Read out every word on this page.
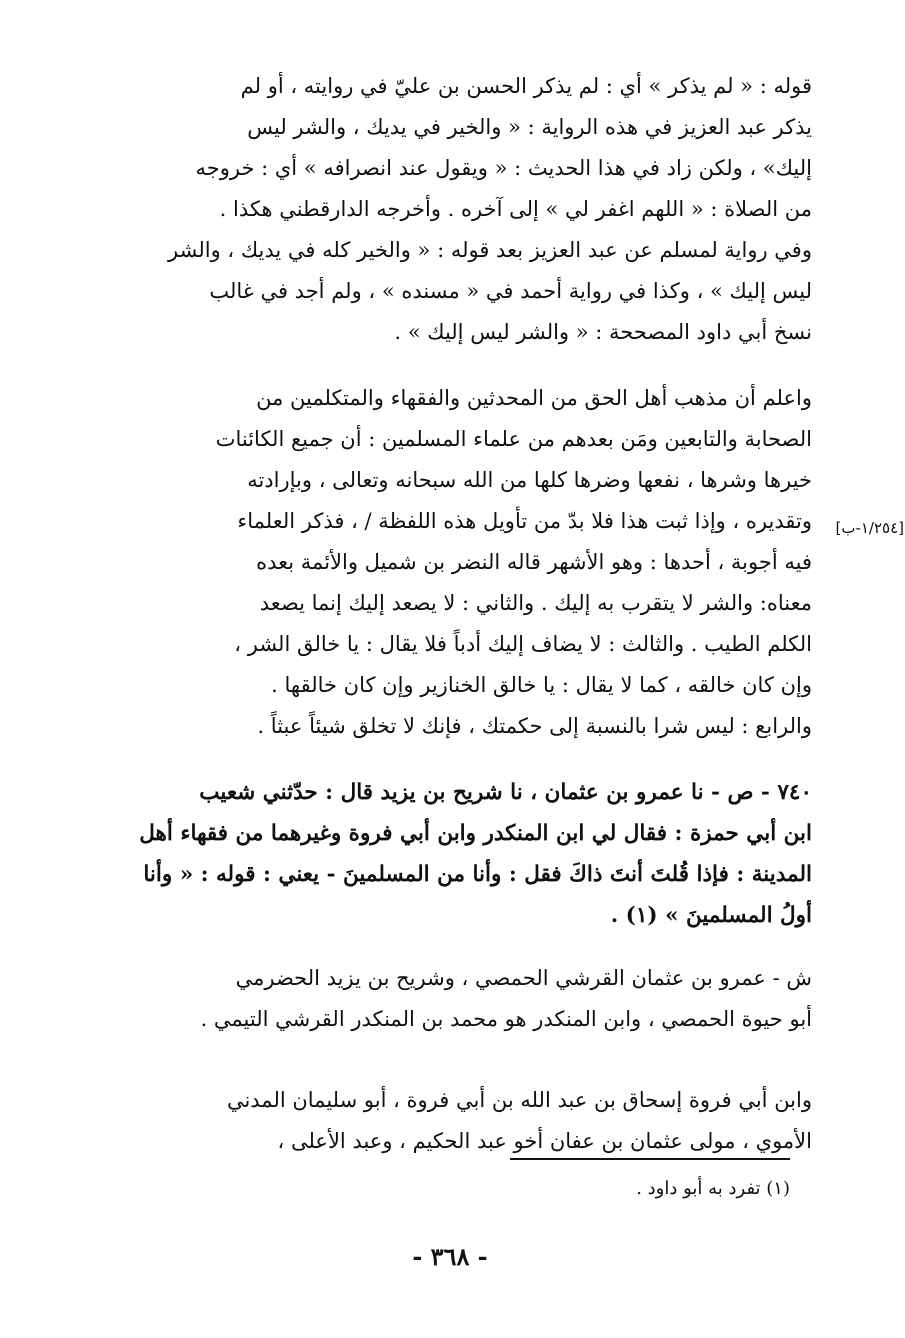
قوله : « لم يذكر » أي : لم يذكر الحسن بن عليّ في روايته ، أو لم
يذكر عبد العزيز في هذه الرواية : « والخير في يديك ، والشر ليس
إليك» ، ولكن زاد في هذا الحديث : « ويقول عند انصرافه » أي : خروجه
من الصلاة : « اللهم اغفر لي » إلى آخره . وأخرجه الدارقطني هكذا .
وفي رواية لمسلم عن عبد العزيز بعد قوله : « والخير كله في يديك ، والشر
ليس إليك » ، وكذا في رواية أحمد في « مسنده » ، ولم أجد في غالب
نسخ أبي داود المصححة : « والشر ليس إليك » .
واعلم أن مذهب أهل الحق من المحدثين والفقهاء والمتكلمين من
الصحابة والتابعين ومَن بعدهم من علماء المسلمين : أن جميع الكائنات
خيرها وشرها ، نفعها وضرها كلها من الله سبحانه وتعالى ، وبإرادته
وتقديره ، وإذا ثبت هذا فلا بدّ من تأويل هذه اللفظة / ، فذكر العلماء
فيه أجوبة ، أحدها : وهو الأشهر قاله النضر بن شميل والأئمة بعده
معناه: والشر لا يتقرب به إليك . والثاني : لا يصعد إليك إنما يصعد
الكلم الطيب . والثالث : لا يضاف إليك أدباً فلا يقال : يا خالق الشر ،
وإن كان خالقه ، كما لا يقال : يا خالق الخنازير وإن كان خالقها .
والرابع : ليس شرا بالنسبة إلى حكمتك ، فإنك لا تخلق شيئاً عبثاً .
[١/٢٥٤-ب]
٧٤٠ - ص - نا عمرو بن عثمان ، نا شريح بن يزيد قال : حدّثني شعيب
ابن أبي حمزة : فقال لي ابن المنكدر وابن أبي فروة وغيرهما من فقهاء أهل
المدينة : فإذا قُلتَ أنتَ ذاكَ فقل : وأنا من المسلمينَ - يعني : قوله : « وأنا
أولُ المسلمينَ » (١) .
ش - عمرو بن عثمان القرشي الحمصي ، وشريح بن يزيد الحضرمي
أبو حيوة الحمصي ، وابن المنكدر هو محمد بن المنكدر القرشي التيمي .
وابن أبي فروة إسحاق بن عبد الله بن أبي فروة ، أبو سليمان المدني
الأموي ، مولى عثمان بن عفان أخو عبد الحكيم ، وعبد الأعلى ،
(١) تفرد به أبو داود .
- ٣٦٨ -
